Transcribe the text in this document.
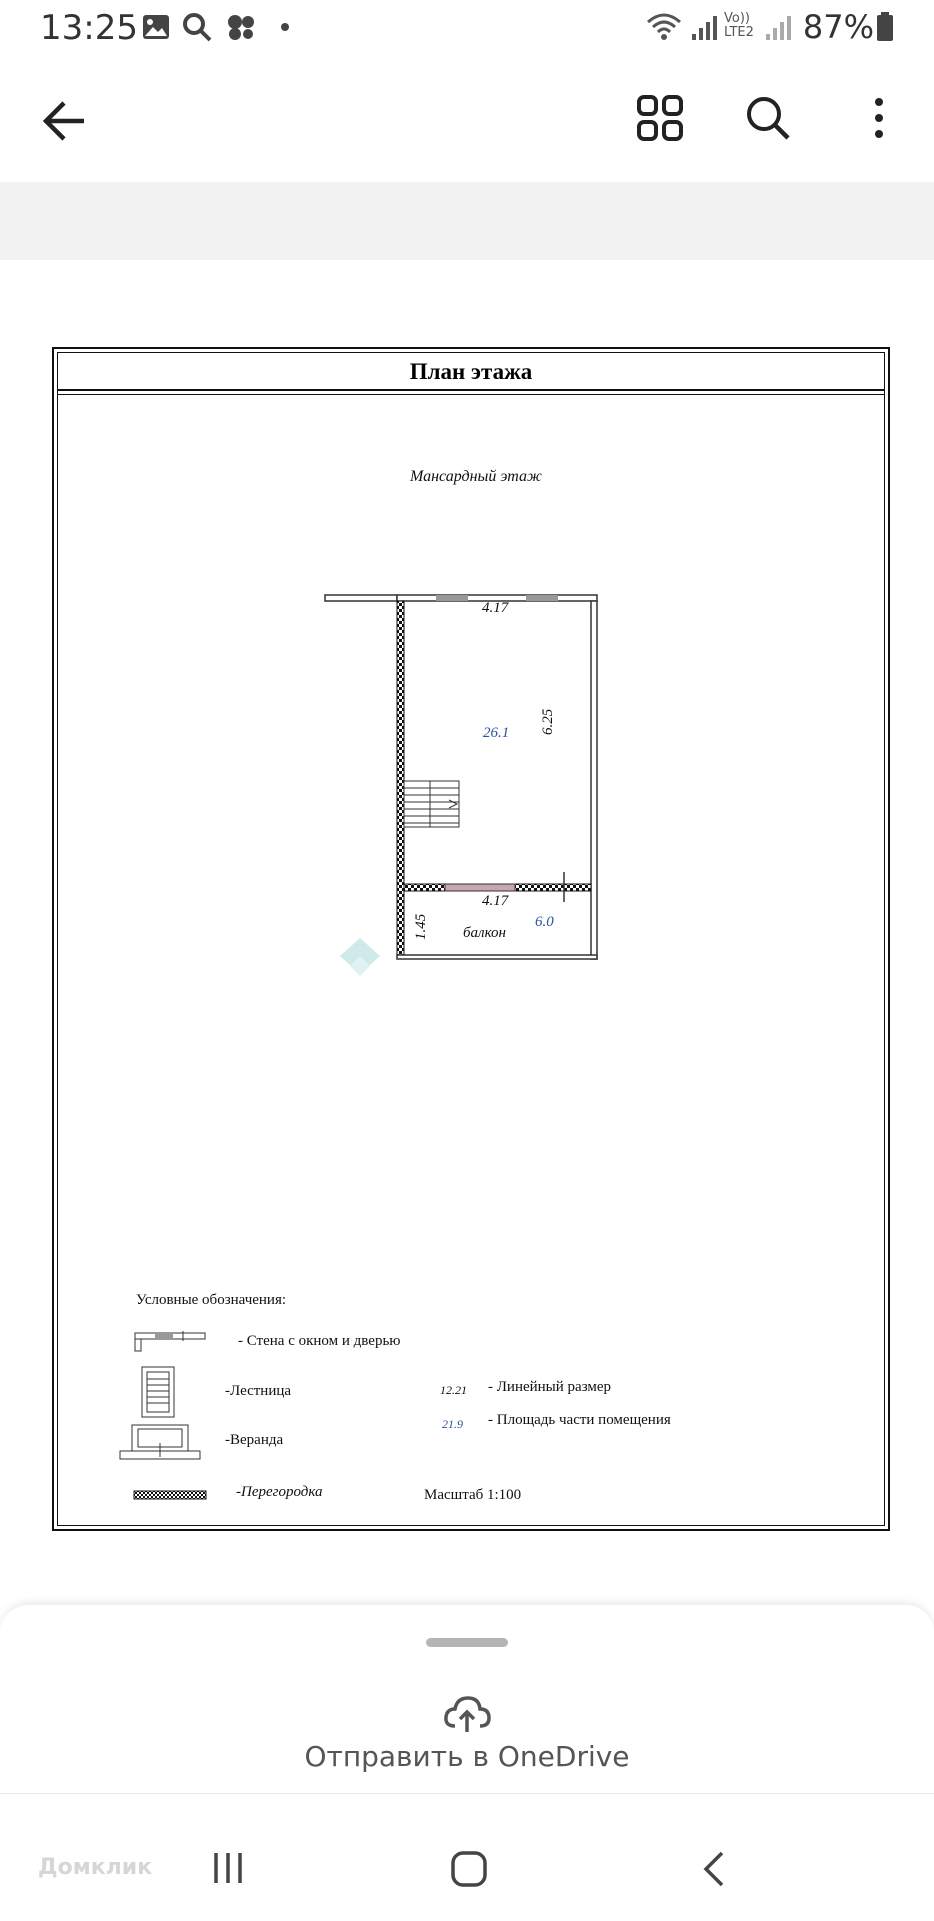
13:25	Vo)) LTE2 87%
План этажа
Мансардный этаж
4.17
26.1 6.25
4.17
1.45	6.0
балкон
Условные обозначения:
- Стена с окном и дверью
-Лестница
-Веранда
-Перегородка
12.21 - Линейный размер
21.9 - Площадь части помещения
Масштаб 1:100
Отправить в OneDrive
Домклик
